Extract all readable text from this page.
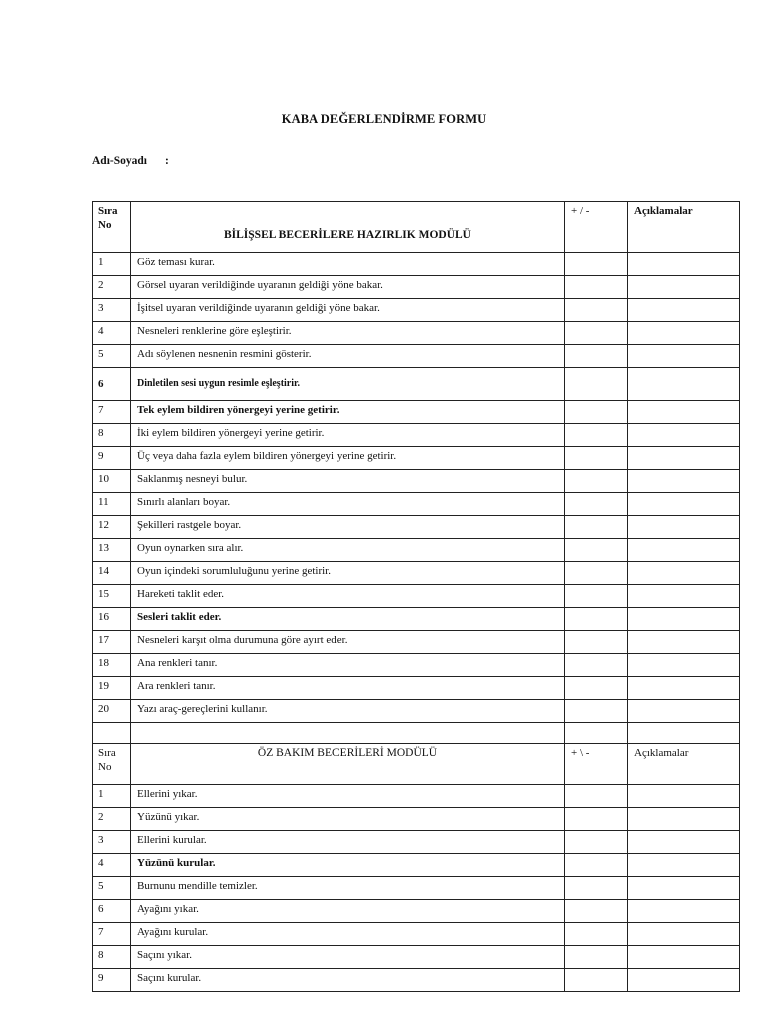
KABA DEĞERLENDİRME FORMU
Adı-Soyadı :
Sıra No	BİLİŞSEL BECERİLERE HAZIRLIK MODÜLÜ	+ / -	Açıklamalar
1	Göz teması kurar.		
2	Görsel uyaran verildiğinde uyaranın geldiği yöne bakar.		
3	İşitsel uyaran verildiğinde uyaranın geldiği yöne bakar.		
4	Nesneleri renklerine göre eşleştirir.		
5	Adı söylenen nesnenin resmini gösterir.		
6	Dinletilen sesi uygun resimle eşleştirir.		
7	Tek eylem bildiren yönergeyi yerine getirir.		
8	İki eylem bildiren yönergeyi yerine getirir.		
9	Üç veya daha fazla eylem bildiren yönergeyi yerine getirir.		
10	Saklanmış nesneyi bulur.		
11	Sınırlı alanları boyar.		
12	Şekilleri rastgele boyar.		
13	Oyun oynarken sıra alır.		
14	Oyun içindeki sorumluluğunu yerine getirir.		
15	Hareketi taklit eder.		
16	Sesleri taklit eder.		
17	Nesneleri karşıt olma durumuna göre ayırt eder.		
18	Ana renkleri tanır.		
19	Ara renkleri tanır.		
20	Yazı araç-gereçlerini kullanır.		

Sıra
No	ÖZ BAKIM BECERİLERİ MODÜLÜ	+ \ -	Açıklamalar
1	Ellerini yıkar.		
2	Yüzünü yıkar.		
3	Ellerini kurular.		
4	Yüzünü kurular.		
5	Burnunu mendille temizler.		
6	Ayağını yıkar.		
7	Ayağını kurular.		
8	Saçını yıkar.		
9	Saçını kurular.		
